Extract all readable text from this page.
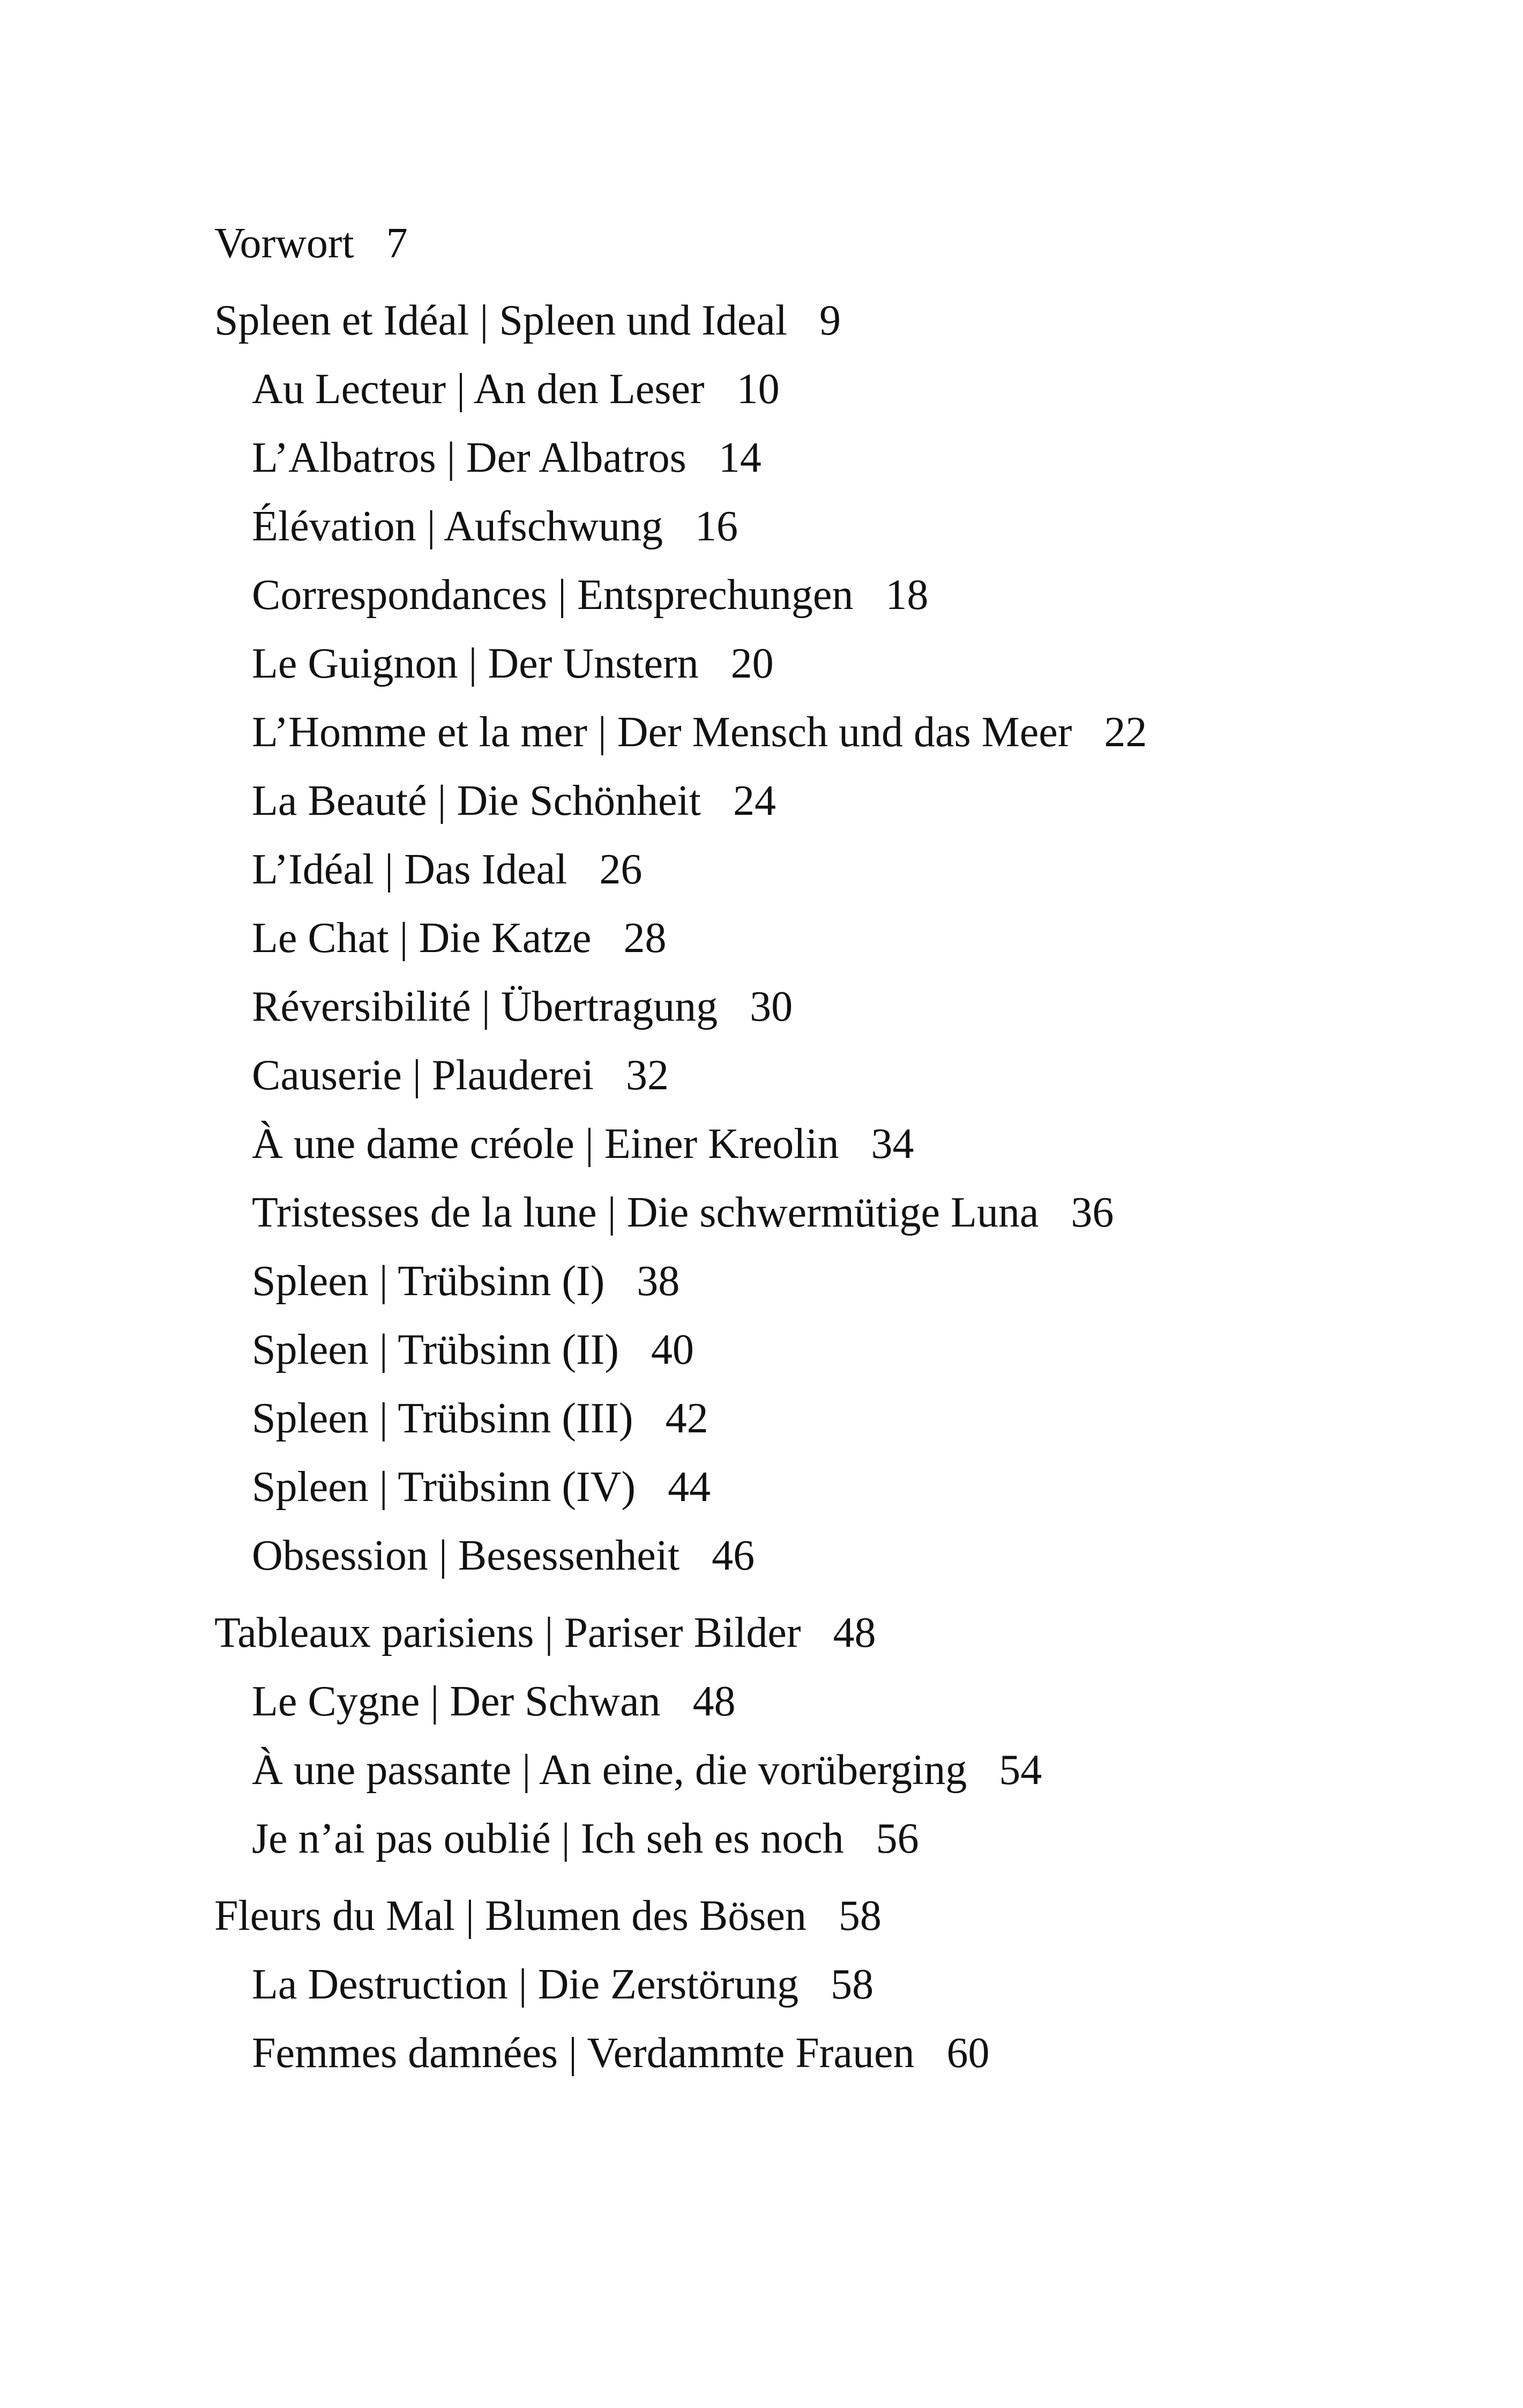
Vorwort 7
Spleen et Idéal | Spleen und Ideal 9
Au Lecteur | An den Leser 10
L’Albatros | Der Albatros 14
Élévation | Aufschwung 16
Correspondances | Entsprechungen 18
Le Guignon | Der Unstern 20
L’Homme et la mer | Der Mensch und das Meer 22
La Beauté | Die Schönheit 24
L’Idéal | Das Ideal 26
Le Chat | Die Katze 28
Réversibilité | Übertragung 30
Causerie | Plauderei 32
À une dame créole | Einer Kreolin 34
Tristesses de la lune | Die schwermütige Luna 36
Spleen | Trübsinn (I) 38
Spleen | Trübsinn (II) 40
Spleen | Trübsinn (III) 42
Spleen | Trübsinn (IV) 44
Obsession | Besessenheit 46
Tableaux parisiens | Pariser Bilder 48
Le Cygne | Der Schwan 48
À une passante | An eine, die vorüberging 54
Je n’ai pas oublié | Ich seh es noch 56
Fleurs du Mal | Blumen des Bösen 58
La Destruction | Die Zerstörung 58
Femmes damnées | Verdammte Frauen 60
